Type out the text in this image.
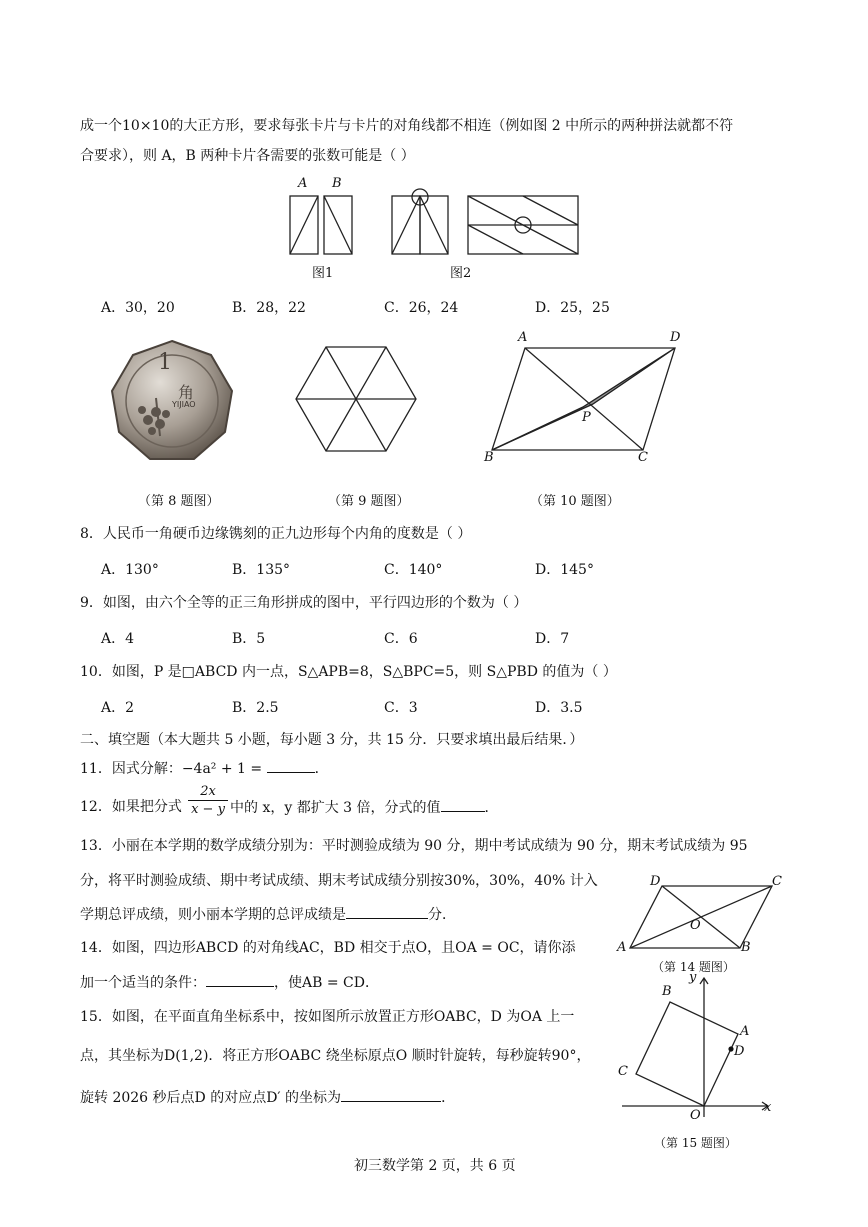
成一个10×10的大正方形，要求每张卡片与卡片的对角线都不相连（例如图 2 中所示的两种拼法就都不符
合要求），则 A，B 两种卡片各需要的张数可能是（ ）
A B
图1	图2
A．30，20	B．28，22	C．26，24	D．25，25
1
角
YIJIAO
A	D
B	C
P
（第 8 题图）	（第 9 题图）	（第 10 题图）
8．人民币一角硬币边缘镌刻的正九边形每个内角的度数是（ ）
A．130°	B．135°	C．140°	D．145°
9．如图，由六个全等的正三角形拼成的图中，平行四边形的个数为（ ）
A．4	B．5	C．6	D．7
10．如图，P 是□ABCD 内一点，S△APB=8，S△BPC=5，则 S△PBD 的值为（ ）
A．2	B．2.5	C．3	D．3.5
二、填空题（本大题共 5 小题，每小题 3 分，共 15 分．只要求填出最后结果．）
11．因式分解：−4a² + 1 =	．
12．如果把分式 $\frac{2x}{x - y}$ 中的 x，y 都扩大 3 倍，分式的值	．
13．小丽在本学期的数学成绩分别为：平时测验成绩为 90 分，期中考试成绩为 90 分，期末考试成绩为 95
分，将平时测验成绩、期中考试成绩、期末考试成绩分别按30%，30%，40% 计入
学期总评成绩，则小丽本学期的总评成绩是	分．
14．如图，四边形ABCD 的对角线AC，BD 相交于点O，且OA = OC，请你添
加一个适当的条件：	，使AB = CD．
D	C
A	B
O
（第 14 题图）
15．如图，在平面直角坐标系中，按如图所示放置正方形OABC，D 为OA 上一
点，其坐标为D(1,2)．将正方形OABC 绕坐标原点O 顺时针旋转，每秒旋转90°，
旋转 2026 秒后点D 的对应点D′ 的坐标为	．
y
x
B
A
D
C
O
（第 15 题图）
初三数学第 2 页，共 6 页
